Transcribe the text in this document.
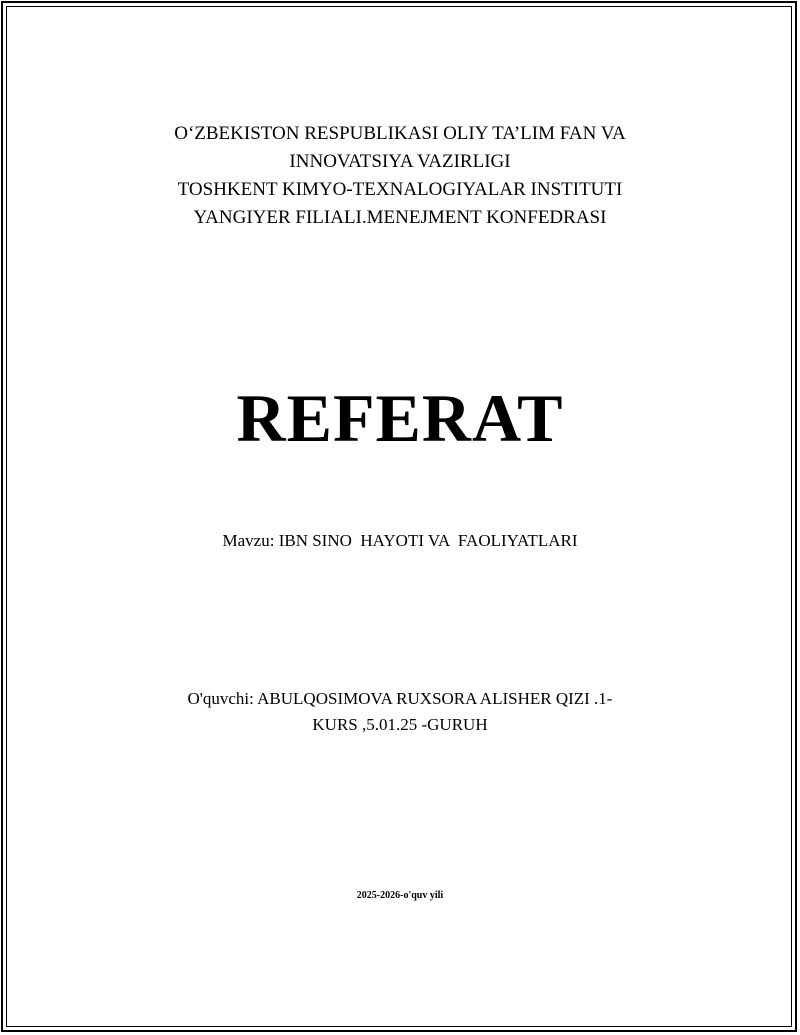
O‘ZBEKISTON RESPUBLIKASI OLIY TA’LIM FAN VA
INNOVATSIYA VAZIRLIGI
TOSHKENT KIMYO-TEXNALOGIYALAR INSTITUTI
YANGIYER FILIALI.MENEJMENT KONFEDRASI
REFERAT
Mavzu: IBN SINO  HAYOTI VA  FAOLIYATLARI
O'quvchi: ABULQOSIMOVA RUXSORA ALISHER QIZI .1-
KURS ,5.01.25 -GURUH
2025-2026-o'quv yili
